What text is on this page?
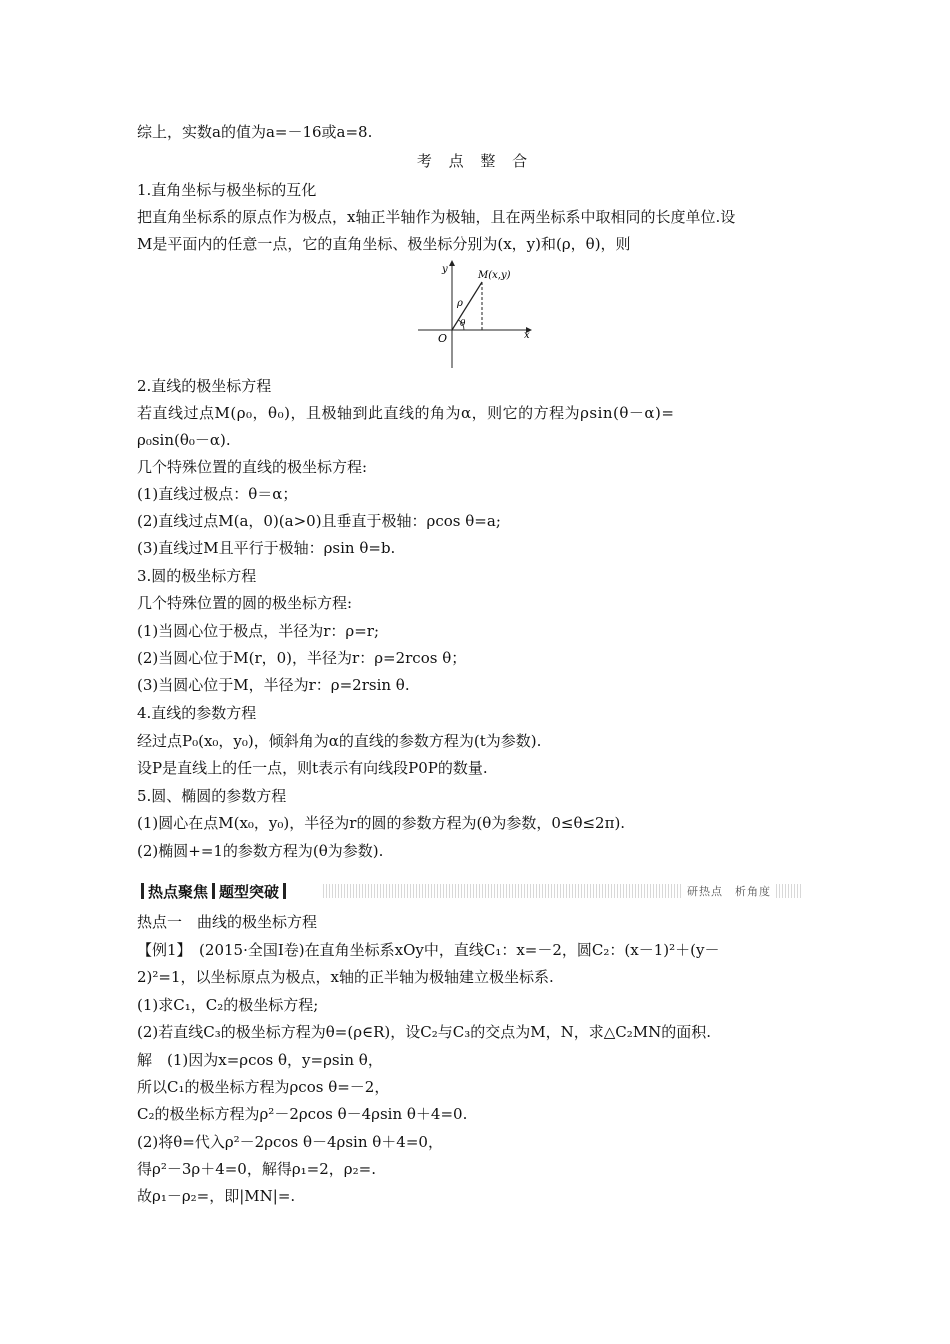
综上，实数a的值为a=－16或a=8.
考 点 整 合
1.直角坐标与极坐标的互化
把直角坐标系的原点作为极点，x轴正半轴作为极轴，且在两坐标系中取相同的长度单位.设
M是平面内的任意一点，它的直角坐标、极坐标分别为(x，y)和(ρ，θ)，则
O
y
x
M(x,y)
ρ
θ
2.直线的极坐标方程
若直线过点M(ρ₀，θ₀)，且极轴到此直线的角为α，则它的方程为ρsin(θ－α)=
ρ₀sin(θ₀－α).
几个特殊位置的直线的极坐标方程:
(1)直线过极点：θ＝α；
(2)直线过点M(a，0)(a>0)且垂直于极轴：ρcos θ=a;
(3)直线过M且平行于极轴：ρsin θ=b.
3.圆的极坐标方程
几个特殊位置的圆的极坐标方程:
(1)当圆心位于极点，半径为r：ρ=r;
(2)当圆心位于M(r，0)，半径为r：ρ=2rcos θ；
(3)当圆心位于M，半径为r：ρ=2rsin θ.
4.直线的参数方程
经过点P₀(x₀，y₀)，倾斜角为α的直线的参数方程为(t为参数).
设P是直线上的任一点，则t表示有向线段P0P的数量.
5.圆、椭圆的参数方程
(1)圆心在点M(x₀，y₀)，半径为r的圆的参数方程为(θ为参数，0≤θ≤2π).
(2)椭圆+=1的参数方程为(θ为参数).
热点聚焦 题型突破	研热点　析角度
热点一　曲线的极坐标方程
【例1】　(2015·全国Ⅰ卷)在直角坐标系xOy中，直线C₁：x=－2，圆C₂：(x－1)²＋(y－
2)²=1，以坐标原点为极点，x轴的正半轴为极轴建立极坐标系.
(1)求C₁，C₂的极坐标方程;
(2)若直线C₃的极坐标方程为θ=(ρ∈R)，设C₂与C₃的交点为M，N，求△C₂MN的面积.
解　(1)因为x=ρcos θ，y=ρsin θ，
所以C₁的极坐标方程为ρcos θ=－2，
C₂的极坐标方程为ρ²－2ρcos θ－4ρsin θ＋4=0.
(2)将θ=代入ρ²－2ρcos θ－4ρsin θ＋4=0，
得ρ²－3ρ＋4=0，解得ρ₁=2，ρ₂=.
故ρ₁－ρ₂=，即|MN|=.
